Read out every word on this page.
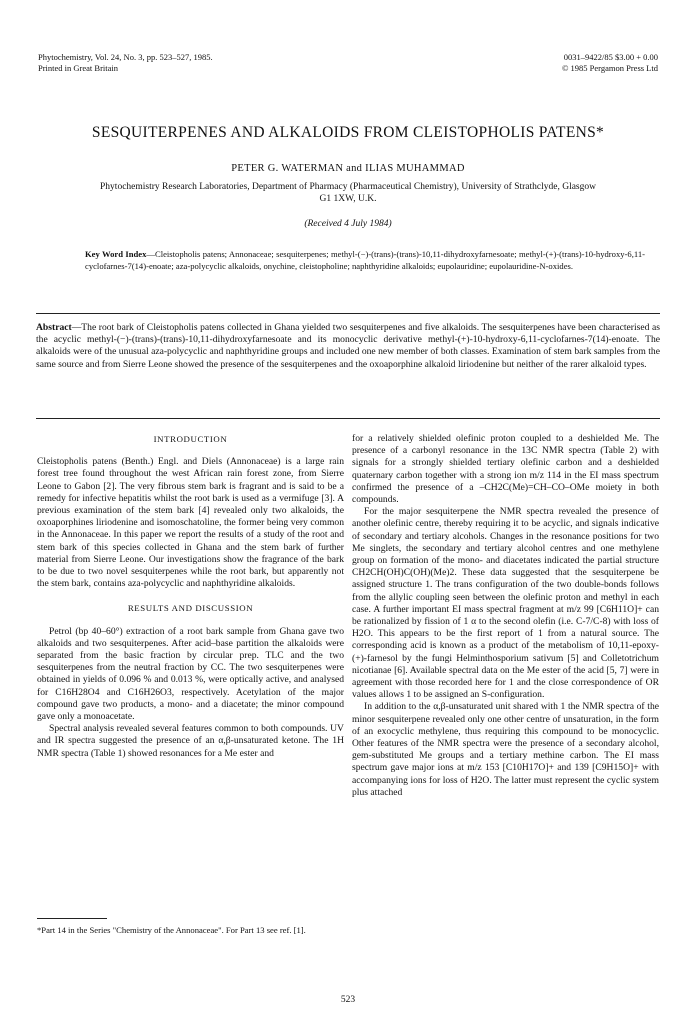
Phytochemistry, Vol. 24, No. 3, pp. 523–527, 1985.
Printed in Great Britain
0031–9422/85 $3.00 + 0.00
© 1985 Pergamon Press Ltd
SESQUITERPENES AND ALKALOIDS FROM CLEISTOPHOLIS PATENS*
PETER G. WATERMAN and ILIAS MUHAMMAD
Phytochemistry Research Laboratories, Department of Pharmacy (Pharmaceutical Chemistry), University of Strathclyde, Glasgow
G1 1XW, U.K.
(Received 4 July 1984)
Key Word Index—Cleistopholis patens; Annonaceae; sesquiterpenes; methyl-(−)-(trans)-(trans)-10,11-dihydroxyfarnesoate; methyl-(+)-(trans)-10-hydroxy-6,11-cyclofarnes-7(14)-enoate; aza-polycyclic alkaloids, onychine, cleistopholine; naphthyridine alkaloids; eupolauridine; eupolauridine-N-oxides.
Abstract—The root bark of Cleistopholis patens collected in Ghana yielded two sesquiterpenes and five alkaloids. The sesquiterpenes have been characterised as the acyclic methyl-(−)-(trans)-(trans)-10,11-dihydroxyfarnesoate and its monocyclic derivative methyl-(+)-10-hydroxy-6,11-cyclofarnes-7(14)-enoate. The alkaloids were of the unusual aza-polycyclic and naphthyridine groups and included one new member of both classes. Examination of stem bark samples from the same source and from Sierre Leone showed the presence of the sesquiterpenes and the oxoaporphine alkaloid liriodenine but neither of the rarer alkaloid types.
INTRODUCTION

Cleistopholis patens (Benth.) Engl. and Diels (Annonaceae) is a large rain forest tree found throughout the west African rain forest zone, from Sierre Leone to Gabon [2]. The very fibrous stem bark is fragrant and is said to be a remedy for infective hepatitis whilst the root bark is used as a vermifuge [3]. A previous examination of the stem bark [4] revealed only two alkaloids, the oxoaporphines liriodenine and isomoschatoline, the former being very common in the Annonaceae. In this paper we report the results of a study of the root and stem bark of this species collected in Ghana and the stem bark of further material from Sierre Leone. Our investigations show the fragrance of the bark to be due to two novel sesquiterpenes while the root bark, but apparently not the stem bark, contains aza-polycyclic and naphthyridine alkaloids.

RESULTS AND DISCUSSION

Petrol (bp 40–60°) extraction of a root bark sample from Ghana gave two alkaloids and two sesquiterpenes. After acid–base partition the alkaloids were separated from the basic fraction by circular prep. TLC and the two sesquiterpenes from the neutral fraction by CC. The two sesquiterpenes were obtained in yields of 0.096 % and 0.013 %, were optically active, and analysed for C16H28O4 and C16H26O3, respectively. Acetylation of the major compound gave two products, a mono- and a diacetate; the minor compound gave only a monoacetate.

Spectral analysis revealed several features common to both compounds. UV and IR spectra suggested the presence of an α,β-unsaturated ketone. The 1H NMR spectra (Table 1) showed resonances for a Me ester and

for a relatively shielded olefinic proton coupled to a deshielded Me. The presence of a carbonyl resonance in the 13C NMR spectra (Table 2) with signals for a strongly shielded tertiary olefinic carbon and a deshielded quaternary carbon together with a strong ion m/z 114 in the EI mass spectrum confirmed the presence of a –CH2C(Me)=CH–CO–OMe moiety in both compounds.

For the major sesquiterpene the NMR spectra revealed the presence of another olefinic centre, thereby requiring it to be acyclic, and signals indicative of secondary and tertiary alcohols. Changes in the resonance positions for two Me singlets, the secondary and tertiary alcohol centres and one methylene group on formation of the mono- and diacetates indicated the partial structure CH2CH(OH)C(OH)(Me)2. These data suggested that the sesquiterpene be assigned structure 1. The trans configuration of the two double-bonds follows from the allylic coupling seen between the olefinic proton and methyl in each case. A further important EI mass spectral fragment at m/z 99 [C6H11O]+ can be rationalized by fission of 1 α to the second olefin (i.e. C-7/C-8) with loss of H2O. This appears to be the first report of 1 from a natural source. The corresponding acid is known as a product of the metabolism of 10,11-epoxy-(+)-farnesol by the fungi Helminthosporium sativum [5] and Colletotrichum nicotianae [6]. Available spectral data on the Me ester of the acid [5, 7] were in agreement with those recorded here for 1 and the close correspondence of OR values allows 1 to be assigned an S-configuration.

In addition to the α,β-unsaturated unit shared with 1 the NMR spectra of the minor sesquiterpene revealed only one other centre of unsaturation, in the form of an exocyclic methylene, thus requiring this compound to be monocyclic. Other features of the NMR spectra were the presence of a secondary alcohol, gem-substituted Me groups and a tertiary methine carbon. The EI mass spectrum gave major ions at m/z 153 [C10H17O]+ and 139 [C9H15O]+ with accompanying ions for loss of H2O. The latter must represent the cyclic system plus attached

*Part 14 in the Series "Chemistry of the Annonaceae". For Part 13 see ref. [1].
523
